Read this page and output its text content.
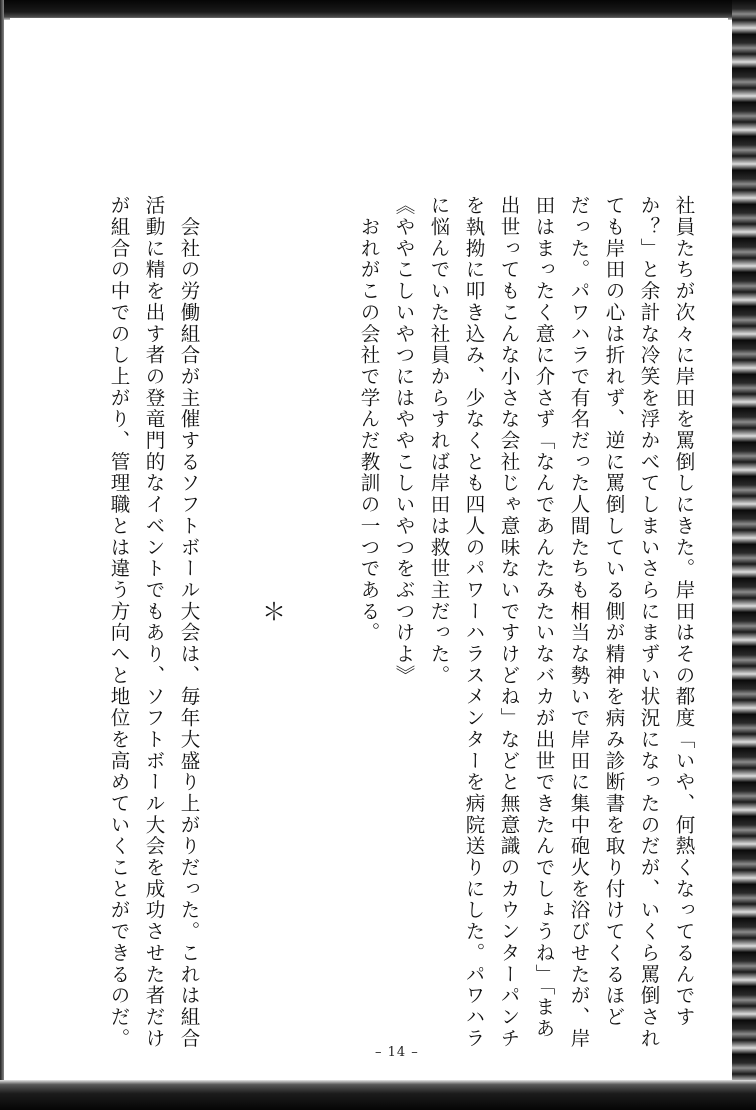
社員たちが次々に岸田を罵倒しにきた。岸田はその都度「いや、何熱くなってるんです
か？」と余計な冷笑を浮かべてしまいさらにまずい状況になったのだが、いくら罵倒され
ても岸田の心は折れず、逆に罵倒している側が精神を病み診断書を取り付けてくるほど
だった。パワハラで有名だった人間たちも相当な勢いで岸田に集中砲火を浴びせたが、岸
田はまったく意に介さず「なんであんたみたいなバカが出世できたんでしょうね」「まあ
出世ってもこんな小さな会社じゃ意味ないですけどね」などと無意識のカウンターパンチ
を執拗に叩き込み、少なくとも四人のパワーハラスメンターを病院送りにした。パワハラ
に悩んでいた社員からすれば岸田は救世主だった。
《ややこしいやつにはややこしいやつをぶつけよ》
　おれがこの会社で学んだ教訓の一つである。
＊
　会社の労働組合が主催するソフトボール大会は、毎年大盛り上がりだった。これは組合
活動に精を出す者の登竜門的なイベントでもあり、ソフトボール大会を成功させた者だけ
が組合の中でのし上がり、管理職とは違う方向へと地位を高めていくことができるのだ。
– 14 –
